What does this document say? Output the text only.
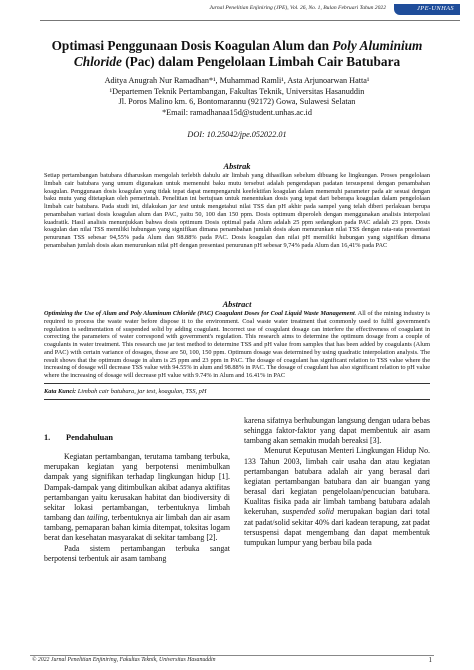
Jurnal Penelitian Enjiniring (JPE), Vol. 26, No. 1, Bulan Februari Tahun 2022	JPE-UNHAS
Optimasi Penggunaan Dosis Koagulan Alum dan Poly Aluminium
Chloride (Pac) dalam Pengelolaan Limbah Cair Batubara
Aditya Anugrah Nur Ramadhan*¹, Muhammad Ramli¹, Asta Arjunoarwan Hatta¹
¹Departemen Teknik Pertambangan, Fakultas Teknik, Universitas Hasanuddin
Jl. Poros Malino km. 6, Bontomarannu (92172) Gowa, Sulawesi Selatan
*Email: ramadhanaa15d@student.unhas.ac.id
DOI: 10.25042/jpe.052022.01
Abstrak
Setiap pertambangan batubara diharuskan mengolah terlebih dahulu air limbah yang dihasilkan sebelum dibuang ke lingkungan. Proses pengelolaan limbah cair batubara yang umum digunakan untuk memenuhi baku mutu tersebut adalah pengendapan padatan tersuspensi dengan penambahan koagulan. Penggunaan dosis koagulan yang tidak tepat dapat mempengaruhi keefektifan koagulan dalam memenuhi parameter pada air sesuai dengan baku mutu yang ditetapkan oleh pemerintah. Penelitian ini bertujuan untuk menentukan dosis yang tepat dari beberapa koagulan dalam pengelolaan limbah cair batubara. Pada studi ini, dilakukan jar test untuk mengetahui nilai TSS dan pH akhir pada sampel yang telah diberi perlakuan berupa penambahan variasi dosis koagulan alum dan PAC, yaitu 50, 100 dan 150 ppm. Dosis optimum diperoleh dengan menggunakan analisis interpolasi kuadratik. Hasil analisis menunjukkan bahwa dosis optimum Dosis optimal pada Alum adalah 25 ppm sedangkan pada PAC adalah 23 ppm. Dosis koagulan dan nilai TSS memiliki hubungan yang signifikan dimana penambahan jumlah dosis akan menurunkan nilai TSS dengan rata-rata presentasi penurunan TSS sebesar 94,55% pada Alum dan 98.88% pada PAC. Dosis koagulan dan nilai pH memiliki hubungan yang signifikan dimana penambahan jumlah dosis akan menurunkan nilai pH dengan presentasi penurunan pH sebesar 9,74% pada Alum dan 16,41% pada PAC
Abstract
Optimizing the Use of Alum and Poly Aluminum Chloride (PAC) Coagulant Doses for Coal Liquid Waste Management. All of the mining industry is required to process the waste water before dispose it to the environment. Coal waste water treatment that commonly used to fulfil government's regulation is sedimentation of suspended solid by adding coagulant. Incorrect use of coagulant dosage can interfere the effectiveness of coagulant in correcting the parameters of water correspond with government's regulation. This research aims to determine the optimum dosage from a couple of coagulants in water treatment. This research use jar test method to determine TSS and pH value from samples that has been added by coagulants (Alum and PAC) with certain variance of dosages, those are 50, 100, 150 ppm. Optimum dosage was determined by using quadratic interpolation analysis. The result shows that the optimum dosage in alum is 25 ppm and 23 ppm in PAC. The dosage of coagulant has significant relation to TSS value where the increasing of dosage will decrease TSS value with 94.55% in alum and 98.88% in PAC. The dosage of coagulant has also significant relation to pH value where the increasing of dosage will decrease pH value with 9.74% in Alum and 16.41% in PAC
Kata Kunci: Limbah cair batubara, jar test, koagulan, TSS, pH
1. Pendahuluan

Kegiatan pertambangan, terutama tambang terbuka, merupakan kegiatan yang berpotensi menimbulkan dampak yang signifikan terhadap lingkungan hidup [1]. Dampak-dampak yang ditimbulkan akibat adanya aktifitas pertambangan yaitu kerusakan habitat dan biodiversity di sekitar lokasi pertambangan, terbentuknya limbah tambang dan tailing, terbentuknya air limbah dan air asam tambang, pemaparan bahan kimia ditempat, toksitas logam berat dan kesehatan masyarakat di sekitar tambang [2].

Pada sistem pertambangan terbuka sangat berpotensi terbentuk air asam tambang

karena sifatnya berhubungan langsung dengan udara bebas sehingga faktor-faktor yang dapat membentuk air asam tambang akan semakin mudah bereaksi [3].

Menurut Keputusan Menteri Lingkungan Hidup No. 133 Tahun 2003, limbah cair usaha dan atau kegiatan pertambangan batubara adalah air yang berasal dari kegiatan pertambangan batubara dan air buangan yang berasal dari kegiatan pengelolaan/pencucian batubara. Kualitas fisika pada air limbah tambang batubara adalah kekeruhan, suspended solid merupakan bagian dari total zat padat/solid sekitar 40% dari kadean terapung, zat padat tersuspensi dapat mengembang dan dapat membentuk tumpukan lumpur yang berbau bila pada

© 2022 Jurnal Penelitian Enjiniring, Fakultas Teknik, Universitas Hasanuddin	1
